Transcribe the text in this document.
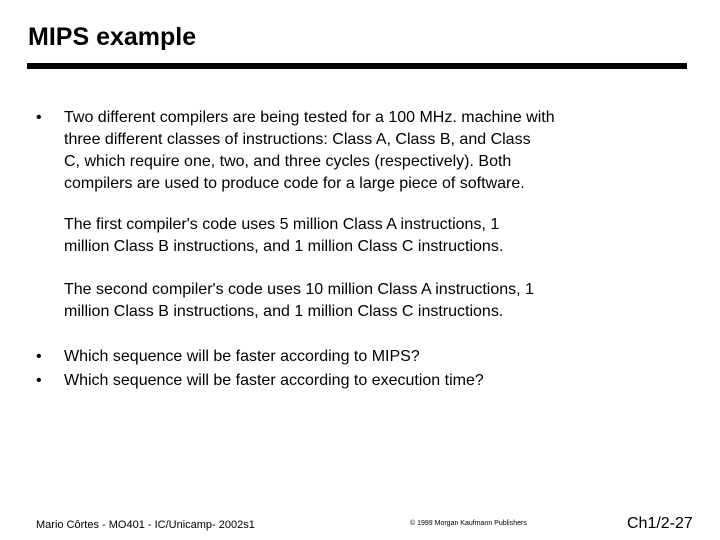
MIPS example
•	Two different compilers are being tested for a 100 MHz. machine with
three different classes of instructions: Class A, Class B, and Class
C, which require one, two, and three cycles (respectively). Both
compilers are used to produce code for a large piece of software.
The first compiler's code uses 5 million Class A instructions, 1
million Class B instructions, and 1 million Class C instructions.
The second compiler's code uses 10 million Class A instructions, 1
million Class B instructions, and 1 million Class C instructions.
•	Which sequence will be faster according to MIPS?
•	Which sequence will be faster according to execution time?
Mario Côrtes - MO401 - IC/Unicamp- 2002s1	© 1999 Morgan Kaufmann Publishers	Ch1/2-27
